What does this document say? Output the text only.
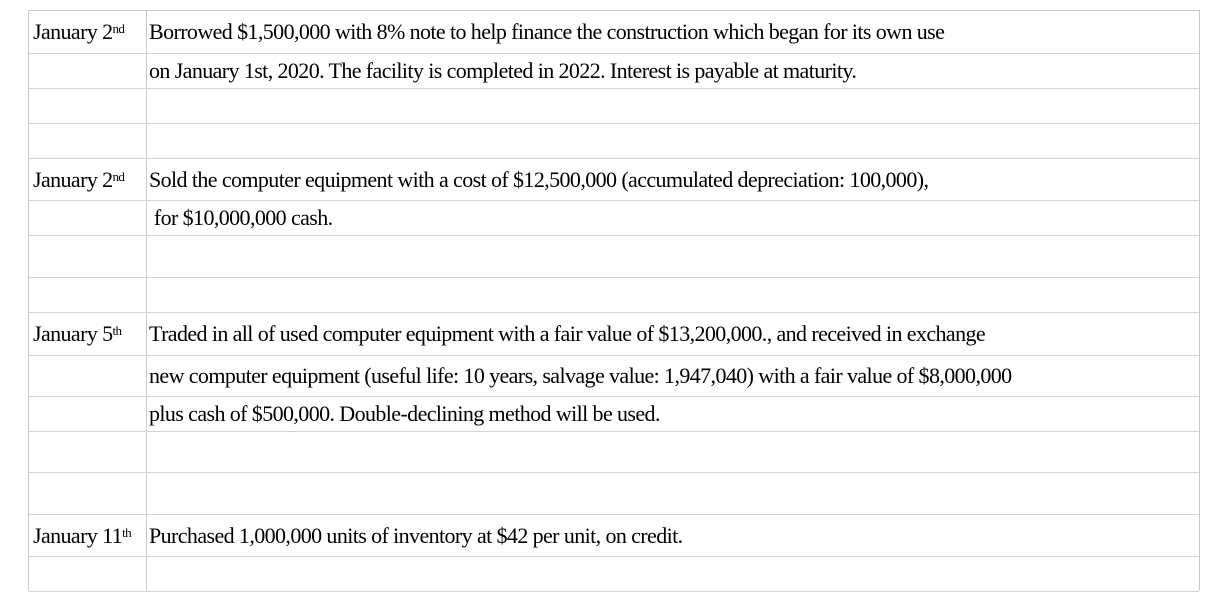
January 2nd Borrowed $1,500,000 with 8% note to help finance the construction which began for its own use
on January 1st, 2020. The facility is completed in 2022. Interest is payable at maturity.
January 2nd Sold the computer equipment with a cost of $12,500,000 (accumulated depreciation: 100,000),
for $10,000,000 cash.
January 5th Traded in all of used computer equipment with a fair value of $13,200,000., and received in exchange
new computer equipment (useful life: 10 years, salvage value: 1,947,040) with a fair value of $8,000,000
plus cash of $500,000. Double-declining method will be used.
January 11th Purchased 1,000,000 units of inventory at $42 per unit, on credit.
